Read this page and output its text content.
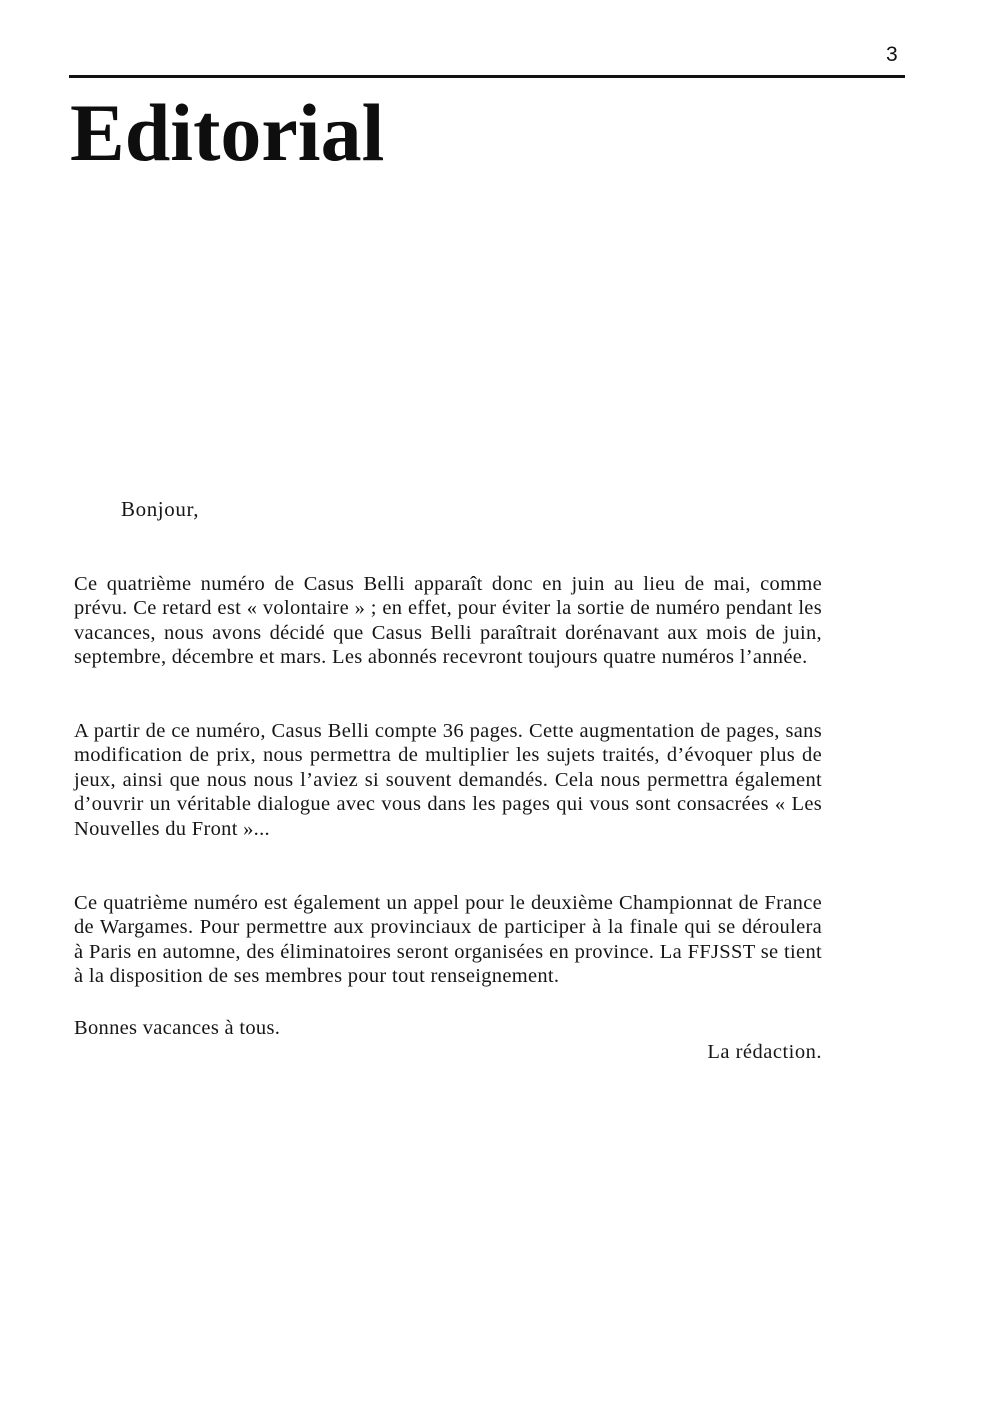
3
Editorial

Bonjour,

Ce quatrième numéro de Casus Belli apparaît donc en juin au lieu de mai, comme prévu. Ce retard est « volontaire » ; en effet, pour éviter la sortie de numéro pendant les vacances, nous avons décidé que Casus Belli paraîtrait dorénavant aux mois de juin, septembre, décembre et mars. Les abonnés recevront toujours quatre numéros l’année.

A partir de ce numéro, Casus Belli compte 36 pages. Cette augmentation de pages, sans modification de prix, nous permettra de multiplier les sujets traités, d’évoquer plus de jeux, ainsi que nous nous l’aviez si souvent demandés. Cela nous permettra également d’ouvrir un véritable dialogue avec vous dans les pages qui vous sont consacrées « Les Nouvelles du Front »...

Ce quatrième numéro est également un appel pour le deuxième Championnat de France de Wargames. Pour permettre aux provinciaux de participer à la finale qui se déroulera à Paris en automne, des éliminatoires seront organisées en province. La FFJSST se tient à la disposition de ses membres pour tout renseignement.

Bonnes vacances à tous.

La rédaction.
